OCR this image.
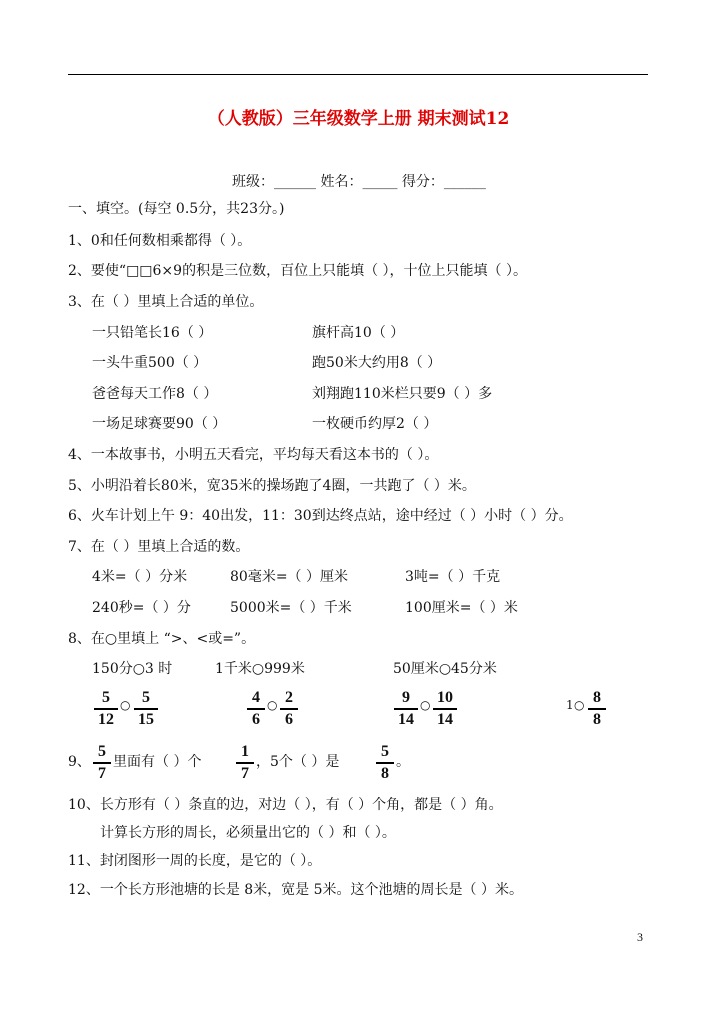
（人教版）三年级数学上册 期末测试12
班级：______ 姓名：_____ 得分：______
一、填空。(每空 0.5分，共23分。)
1、0和任何数相乘都得（ ）。
2、要使“□□6×9的积是三位数，百位上只能填（ ），十位上只能填（ ）。
3、在（ ）里填上合适的单位。
一只铅笔长16（ ）	旗杆高10（ ）
一头牛重500（ ）	跑50米大约用8（ ）
爸爸每天工作8（ ）	刘翔跑110米栏只要9（ ）多
一场足球赛要90（ ）	一枚硬币约厚2（ ）
4、一本故事书，小明五天看完，平均每天看这本书的（ ）。
5、小明沿着长80米，宽35米的操场跑了4圈，一共跑了（ ）米。
6、火车计划上午 9：40出发，11：30到达终点站，途中经过（ ）小时（ ）分。
7、在（ ）里填上合适的数。
4米=（ ）分米	80毫米=（ ）厘米	3吨=（ ）千克
240秒=（ ）分	5000米=（ ）千米	100厘米=（ ）米
8、在○里填上 “>、<或=”。
150分○3 时	1千米○999米	50厘米○45分米
5
12
○ 5
15
4
6
○ 2
6
9
14
○ 10
14
1 ○ 8
8
9、
5
7
里面有（ ）个
1
7
，5个（ ）是
5
8
。
10、长方形有（ ）条直的边，对边（ ），有（ ）个角，都是（ ）角。
计算长方形的周长，必须量出它的（ ）和（ ）。
11、封闭图形一周的长度，是它的（ ）。
12、一个长方形池塘的长是 8米，宽是 5米。这个池塘的周长是（ ）米。
3
